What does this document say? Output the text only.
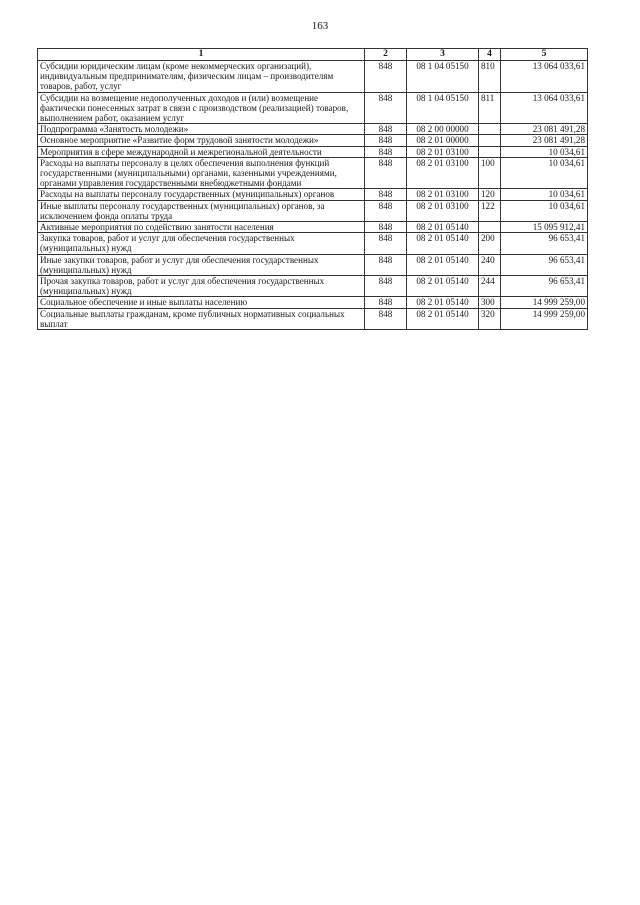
163
1	2	3	4	5
Субсидии юридическим лицам (кроме некоммерческих организаций), индивидуальным предпринимателям, физическим лицам – производителям товаров, работ, услуг	848	08 1 04 05150	810	13 064 033,61
Субсидии на возмещение недополученных доходов и (или) возмещение фактически понесенных затрат в связи с производством (реализацией) товаров, выполнением работ, оказанием услуг	848	08 1 04 05150	811	13 064 033,61
Подпрограмма «Занятость молодежи»	848	08 2 00 00000		23 081 491,28
Основное мероприятие «Развитие форм трудовой занятости молодежи»	848	08 2 01 00000		23 081 491,28
Мероприятия в сфере международной и межрегиональной деятельности	848	08 2 01 03100		10 034,61
Расходы на выплаты персоналу в целях обеспечения выполнения функций государственными (муниципальными) органами, казенными учреждениями, органами управления государственными внебюджетными фондами	848	08 2 01 03100	100	10 034,61
Расходы на выплаты персоналу государственных (муниципальных) органов	848	08 2 01 03100	120	10 034,61
Иные выплаты персоналу государственных (муниципальных) органов, за исключением фонда оплаты труда	848	08 2 01 03100	122	10 034,61
Активные мероприятия по содействию занятости населения	848	08 2 01 05140		15 095 912,41
Закупка товаров, работ и услуг для обеспечения государственных (муниципальных) нужд	848	08 2 01 05140	200	96 653,41
Иные закупки товаров, работ и услуг для обеспечения государственных (муниципальных) нужд	848	08 2 01 05140	240	96 653,41
Прочая закупка товаров, работ и услуг для обеспечения государственных (муниципальных) нужд	848	08 2 01 05140	244	96 653,41
Социальное обеспечение и иные выплаты населению	848	08 2 01 05140	300	14 999 259,00
Социальные выплаты гражданам, кроме публичных нормативных социальных выплат	848	08 2 01 05140	320	14 999 259,00
